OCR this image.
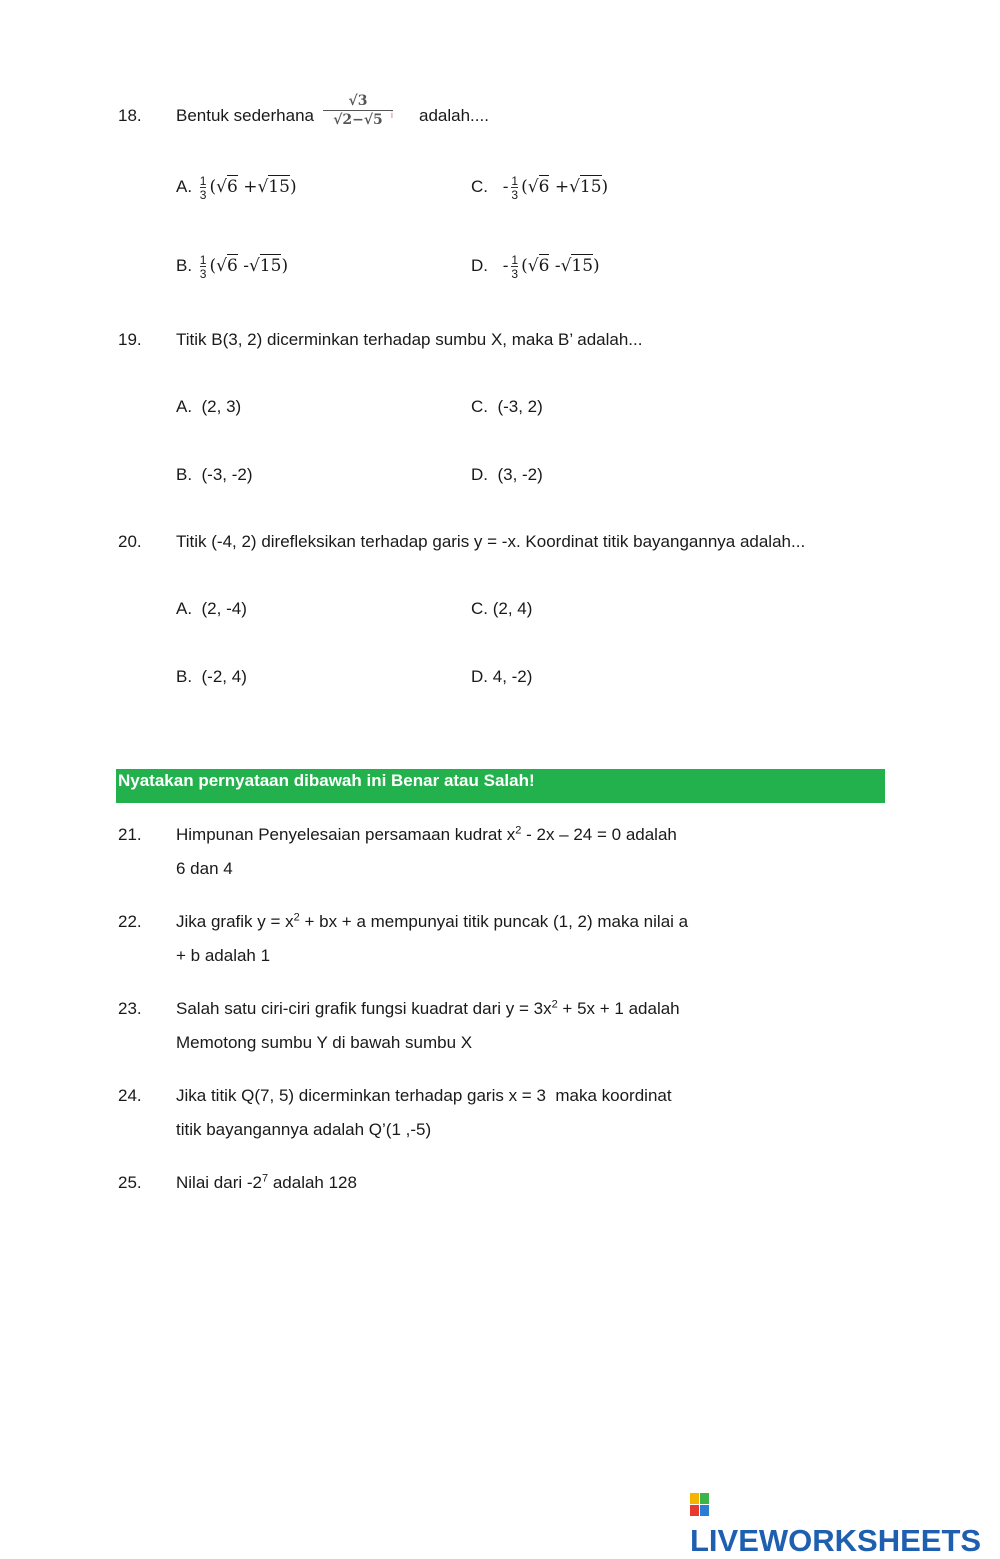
18. Bentuk sederhana $\frac{√3}{√2-√5}$
ᵢ adalah....
A. $\frac{1}{3} (√6 +√15)$	C. - $\frac{1}{3} (√6 +√15)$
B. $\frac{1}{3} (√6$ -√15)	D. - $\frac{1}{3} (√6$ -√15)
19. Titik B(3, 2) dicerminkan terhadap sumbu X, maka B’ adalah...
A. (2, 3)	C. (-3, 2)
B. (-3, -2)	D. (3, -2)
20. Titik (-4, 2) direfleksikan terhadap garis y = -x. Koordinat titik bayangannya adalah...
A. (2, -4)	C. (2, 4)
B. (-2, 4)	D. 4, -2)
Nyatakan pernyataan dibawah ini Benar atau Salah!
21. Himpunan Penyelesaian persamaan kudrat $x^2 - 2x - 24 = 0$ adalah
6 dan 4
22. Jika grafik $y = x^2$ + bx + a mempunyai titik puncak (1, 2) maka nilai a
+ b adalah 1
23. Salah satu ciri-ciri grafik fungsi kuadrat dari $y = 3x^2 + 5x + 1$ adalah
Memotong sumbu Y di bawah sumbu X
24. Jika titik Q(7, 5) dicerminkan terhadap garis x = 3  maka koordinat
titik bayangannya adalah Q’(1 ,-5)
25. Nilai dari $-2^7$ adalah 128
LIVEWORKSHEETS
